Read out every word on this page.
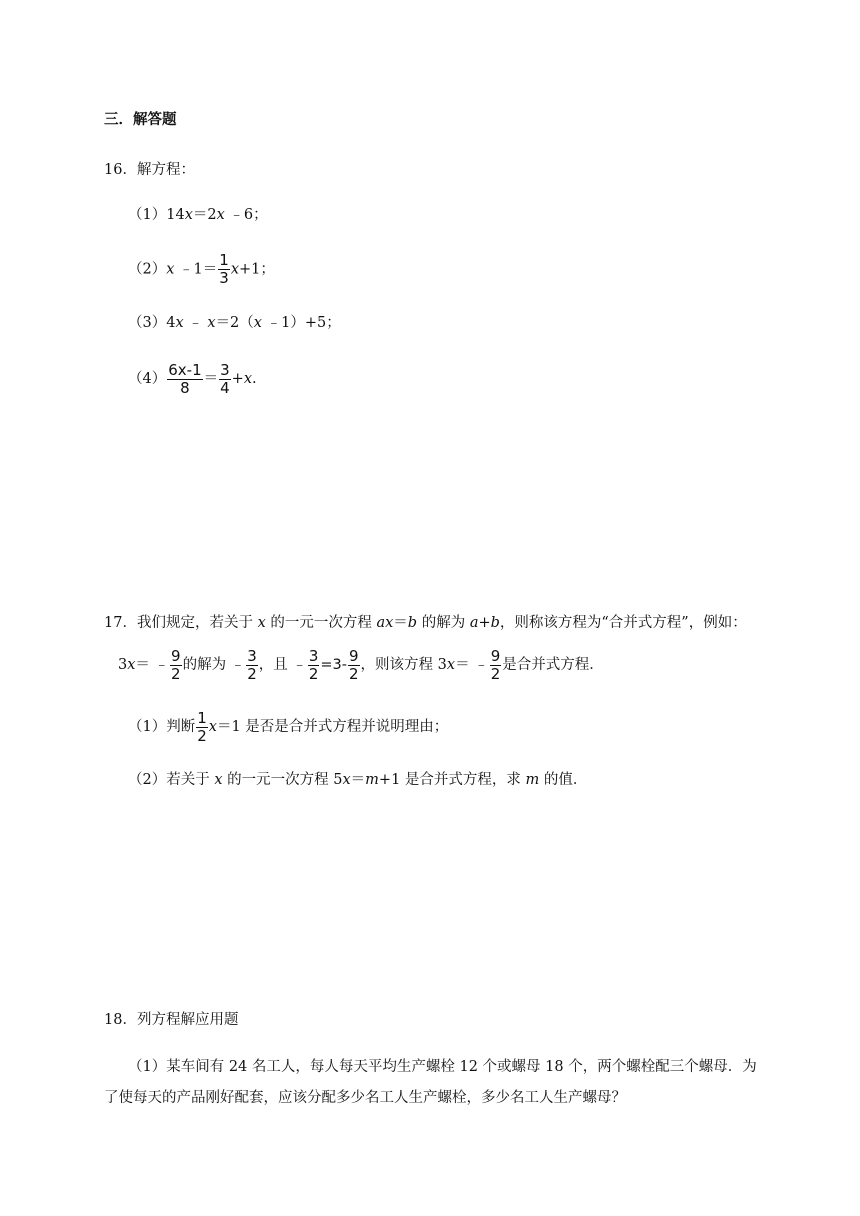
三．解答题
16．解方程：
（1）14x＝2x ﹣6；
（2）x ﹣1＝ $\frac{1}{3} x+1$；
（3）4x ﹣ x＝2（x ﹣1）+5；
$(4) \frac{6x-1}{8} = \frac{3}{4} +x$.
17．我们规定，若关于 x 的一元一次方程 ax＝b 的解为 a+b，则称该方程为“合并式方程”，例如：
3x＝ ﹣ $\frac{9}{2}$ 的解为 ﹣ $\frac{3}{2}$ ，且 ﹣ $\frac{3}{2} =3- \frac{9}{2}$ ，则该方程 3x＝ ﹣ $\frac{9}{2}$ 是合并式方程．
（1）判断 $\frac{1}{2} x=1$ 是否是合并式方程并说明理由；
（2）若关于 x 的一元一次方程 5x＝m+1 是合并式方程，求 m 的值．
18．列方程解应用题
（1）某车间有 24 名工人，每人每天平均生产螺栓 12 个或螺母 18 个，两个螺栓配三个螺母．为
了使每天的产品刚好配套，应该分配多少名工人生产螺栓，多少名工人生产螺母？
